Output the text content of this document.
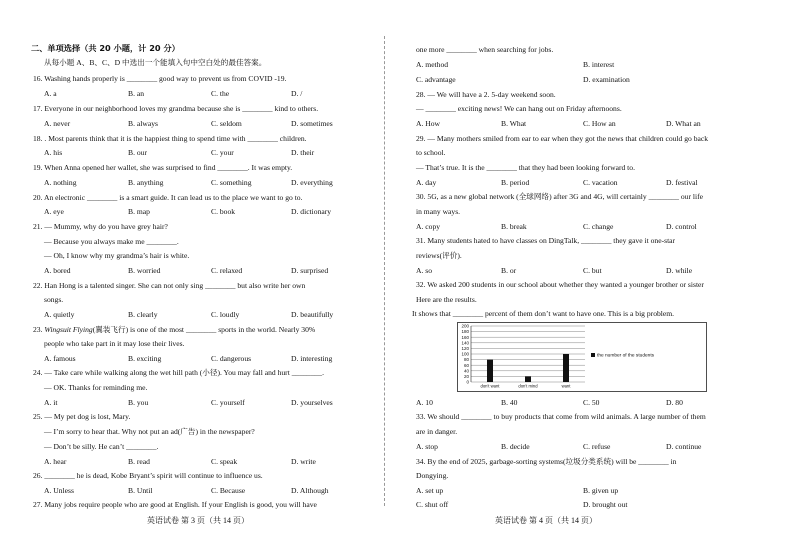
二、单项选择（共 20 小题，计 20 分）
从每小题 A、B、C、D 中选出一个能填入句中空白处的最佳答案。
16. Washing hands properly is ________ good way to prevent us from COVID -19.
A. a	B. an	C. the	D. /
17. Everyone in our neighborhood loves my grandma because she is ________ kind to others.
A. never	B. always	C. seldom	D. sometimes
18. . Most parents think that it is the happiest thing to spend time with ________ children.
A. his	B. our	C. your	D. their
19. When Anna opened her wallet, she was surprised to find ________. It was empty.
A. nothing	B. anything	C. something	D. everything
20. An electronic ________ is a smart guide. It can lead us to the place we want to go to.
A. eye	B. map	C. book	D. dictionary
21. — Mummy, why do you have grey hair?
— Because you always make me ________.
— Oh, I know why my grandma’s hair is white.
A. bored	B. worried	C. relaxed	D. surprised
22. Han Hong is a talented singer. She can not only sing ________ but also write her own
songs.
A. quietly	B. clearly	C. loudly	D. beautifully
23. Wingsuit Flying(翼装飞行) is one of the most ________ sports in the world. Nearly 30%
people who take part in it may lose their lives.
A. famous	B. exciting	C. dangerous	D. interesting
24. — Take care while walking along the wet hill path (小径). You may fall and hurt ________.
— OK. Thanks for reminding me.
A. it	B. you	C. yourself	D. yourselves
25. — My pet dog is lost, Mary.
— I’m sorry to hear that. Why not put an ad(广告) in the newspaper?
— Don’t be silly. He can’t ________.
A. hear	B. read	C. speak	D. write
26. ________ he is dead, Kobe Bryant’s spirit will continue to influence us.
A. Unless	B. Until	C. Because	D. Although
27. Many jobs require people who are good at English. If your English is good, you will have
英语试卷 第 3 页（共 14 页）
one more ________ when searching for jobs.
A. method	B. interest
C. advantage	D. examination
28. — We will have a 2. 5-day weekend soon.
— ________ exciting news! We can hang out on Friday afternoons.
A. How	B. What	C. How an	D. What an
29. — Many mothers smiled from ear to ear when they got the news that children could go back
to school.
— That’s true. It is the ________ that they had been looking forward to.
A. day	B. period	C. vacation	D. festival
30. 5G, as a new global network (全球网络) after 3G and 4G, will certainly ________ our life
in many ways.
A. copy	B. break	C. change	D. control
31. Many students hated to have classes on DingTalk, ________ they gave it one-star
reviews(评价).
A. so	B. or	C. but	D. while
32. We asked 200 students in our school about whether they wanted a younger brother or sister
Here are the results.
It shows that ________ percent of them don’t want to have one. This is a big problem.
200
180
160
140
120
100
80
60
40
20
0
don't want	don't mind	want
the number of the students
A. 10	B. 40	C. 50	D. 80
33. We should ________ to buy products that come from wild animals. A large number of them
are in danger.
A. stop	B. decide	C. refuse	D. continue
34. By the end of 2025, garbage-sorting systems(垃圾分类系统) will be ________ in
Dongying.
A. set up	B. given up
C. shut off	D. brought out
英语试卷 第 4 页（共 14 页）
